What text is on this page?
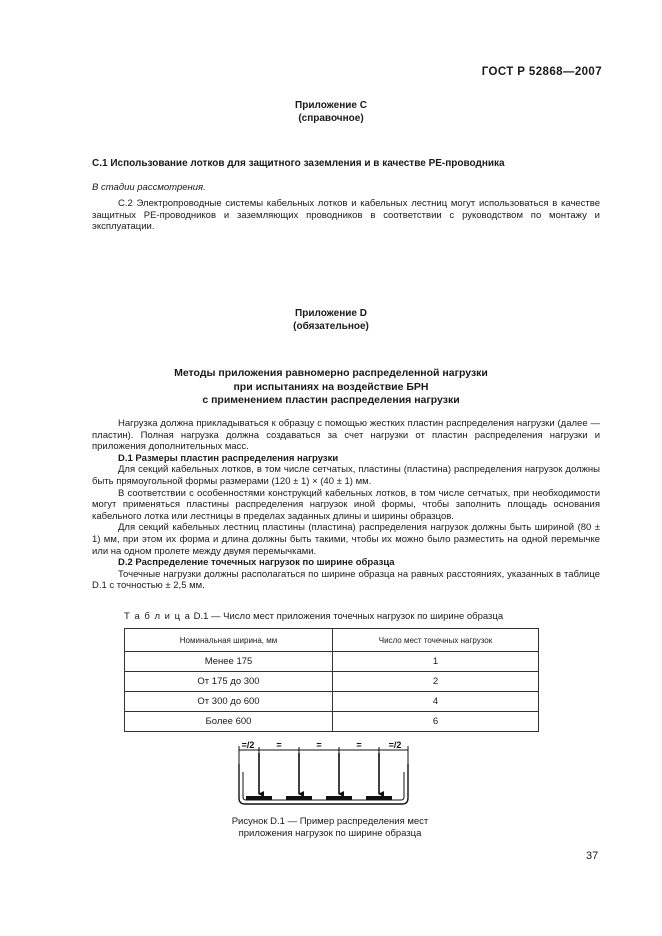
ГОСТ Р 52868—2007
Приложение С
(справочное)
С.1 Использование лотков для защитного заземления и в качестве РЕ-проводника
В стадии рассмотрения.
С.2 Электропроводные системы кабельных лотков и кабельных лестниц могут использоваться в качестве защитных РЕ-проводников и заземляющих проводников в соответствии с руководством по монтажу и эксплуатации.
Приложение D
(обязательное)
Методы приложения равномерно распределенной нагрузки
при испытаниях на воздействие БРН
с применением пластин распределения нагрузки
Нагрузка должна прикладываться к образцу с помощью жестких пластин распределения нагрузки (далее — пластин). Полная нагрузка должна создаваться за счет нагрузки от пластин распределения нагрузки и приложения дополнительных масс.
D.1 Размеры пластин распределения нагрузки
Для секций кабельных лотков, в том числе сетчатых, пластины (пластина) распределения нагрузок должны быть прямоугольной формы размерами (120 ± 1) × (40 ± 1) мм.
В соответствии с особенностями конструкций кабельных лотков, в том числе сетчатых, при необходимости могут применяться пластины распределения нагрузок иной формы, чтобы заполнить площадь основания кабельного лотка или лестницы в пределах заданных длины и ширины образцов.
Для секций кабельных лестниц пластины (пластина) распределения нагрузок должны быть шириной (80 ± 1) мм, при этом их форма и длина должны быть такими, чтобы их можно было разместить на одной перемычке или на одном пролете между двумя перемычками.
D.2 Распределение точечных нагрузок по ширине образца
Точечные нагрузки должны располагаться по ширине образца на равных расстояниях, указанных в таблице D.1 с точностью ± 2,5 мм.
Т а б л и ц а D.1 — Число мест приложения точечных нагрузок по ширине образца
Номинальная ширина, мм	Число мест точечных нагрузок
Менее 175	1
От 175 до 300	2
От 300 до 600	4
Более 600	6
=/2 =	=	=	=/2
Рисунок D.1 — Пример распределения мест
приложения нагрузок по ширине образца
37
